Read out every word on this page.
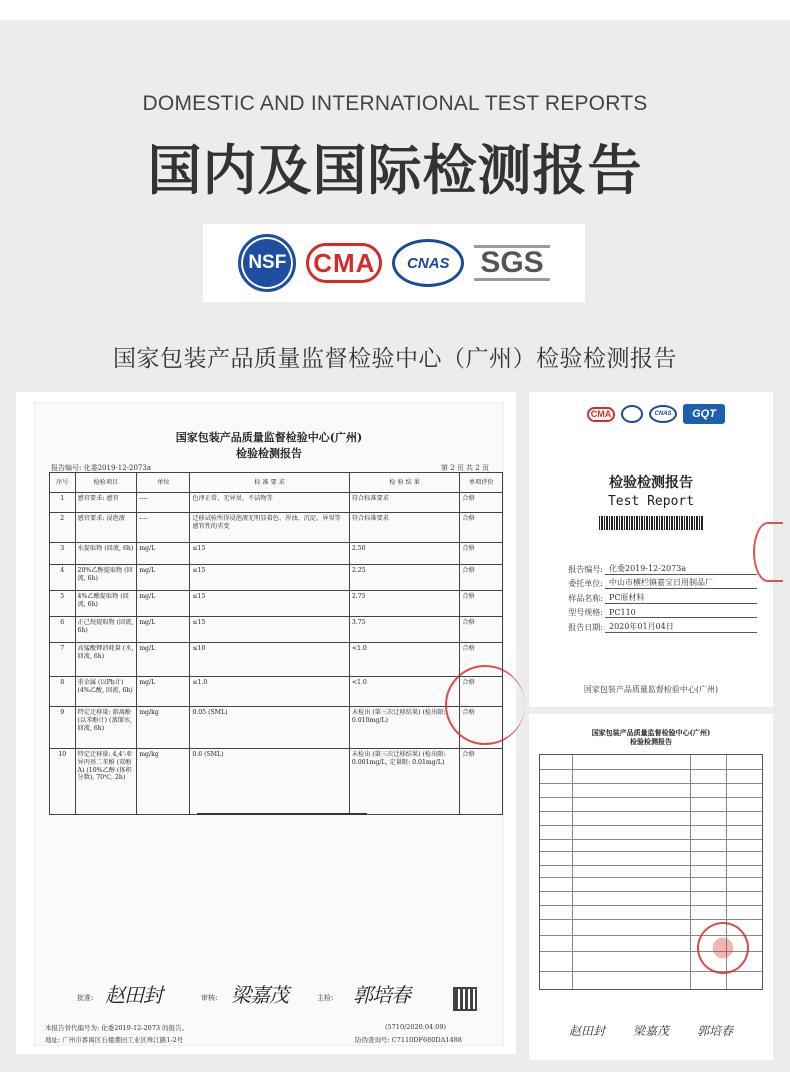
DOMESTIC AND INTERNATIONAL TEST REPORTS
国内及国际检测报告
NSF	CMA	CNAS	SGS
国家包装产品质量监督检验中心（广州）检验检测报告
国家包装产品质量监督检验中心(广州)
检验检测报告
报告编号: 化委2019-12-2073a	第 2 页 共 2 页
序号	检验项目	单位	标 准 要 求	检 验 结 果	单项评价
1	感官要求: 感官	----	色泽正常、无异臭、不洁物等	符合标准要求	合格
2	感官要求: 浸泡液	----	迁移试验所得浸泡液无明显着色、浑浊、沉淀、异臭等感官性的劣变	符合标准要求	合格
3	水提取物 (回流, 6h)	mg/L	≤15	2.50	合格
4	20%乙醇提取物 (回流, 6h)	mg/L	≤15	2.25	合格
5	4%乙酸提取物 (回流, 6h)	mg/L	≤15	2.75	合格
6	正己烷提取物 (回流, 6h)	mg/L	≤15	3.75	合格
7	高锰酸钾消耗量 (水, 回流, 6h)	mg/L	≤10	<1.0	合格
8	重金属 (以Pb计) (4%乙酸, 回流, 6h)	mg/L	≤1.0	<1.0	合格
9	特定迁移量: 游离酚 (以苯酚计) (蒸馏水, 回流, 6h)	mg/kg	0.05 (SML)	未检出 (第三次迁移结果) (检出限: 0.010mg/L)	合格
10	特定迁移量: 4,4'-亚异丙基二苯酚 (双酚A) (10%乙醇 (体积分数), 70℃, 2h)	mg/kg	0.6 (SML)	未检出 (第三次迁移结果) (检出限: 0.001mg/L, 定量限: 0.01mg/L)	合格
批准: 赵田封	审核: 梁嘉茂	主检: 郭培春
本报告替代编号为: 化委2019-12-2073 的报告。
地址: 广州市番禺区石楼潮田工业区珠江路1-2号
(5710/2020.04.09)
防伪查询号: C7110DF680DA1488
CMA	CNAS	GQT
检验检测报告
Test Report
报告编号: 化委2019-12-2073a
委托单位: 中山市横栏镇嘉宝日用制品厂
样品名称: PC原材料
型号规格: PC110
报告日期: 2020年01月04日
国家包装产品质量监督检验中心(广州)
国家包装产品质量监督检验中心(广州)
检验检测报告
赵田封 梁嘉茂 郭培春
